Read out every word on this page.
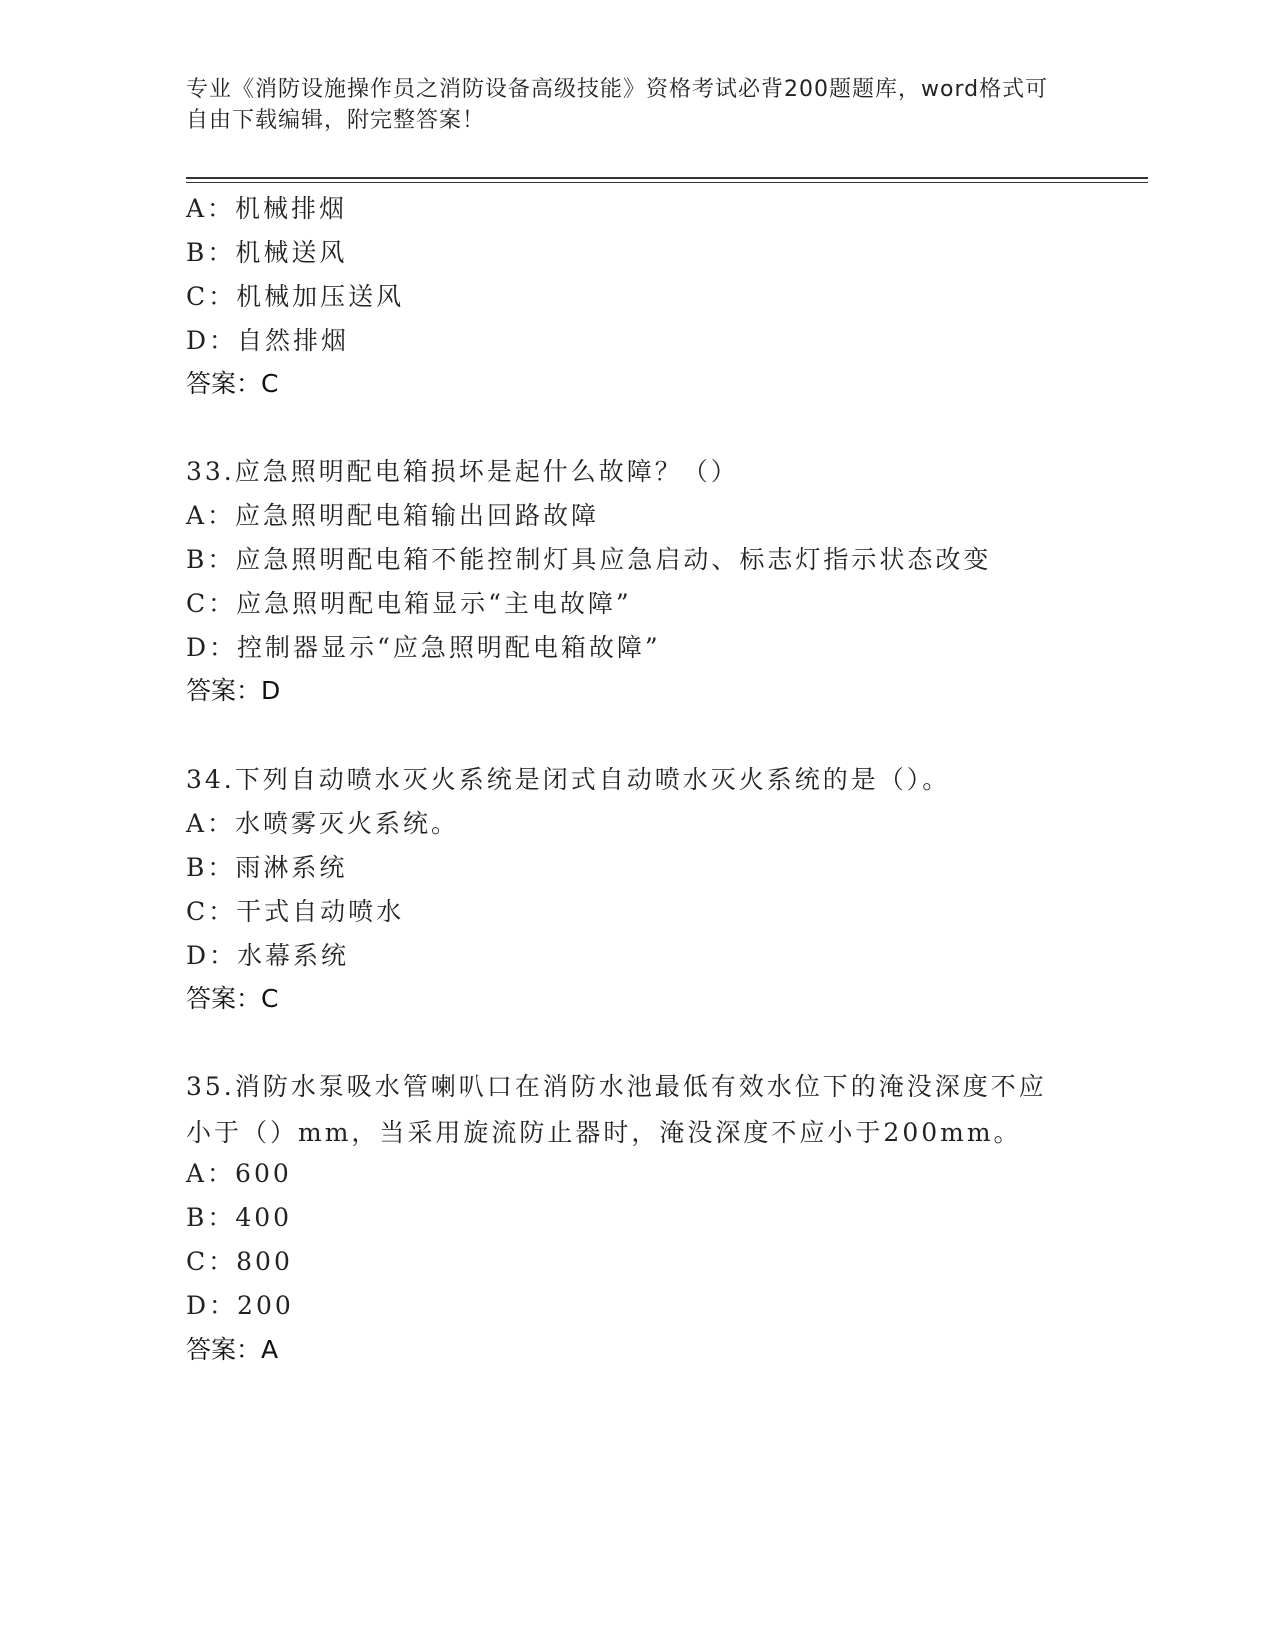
专业《消防设施操作员之消防设备高级技能》资格考试必背200题题库，word格式可自由下载编辑，附完整答案！
A：机械排烟
B：机械送风
C：机械加压送风
D：自然排烟
答案：C
33.应急照明配电箱损坏是起什么故障？（）
A：应急照明配电箱输出回路故障
B：应急照明配电箱不能控制灯具应急启动、标志灯指示状态改变
C：应急照明配电箱显示“主电故障”
D：控制器显示“应急照明配电箱故障”
答案：D
34.下列自动喷水灭火系统是闭式自动喷水灭火系统的是（）。
A：水喷雾灭火系统。
B：雨淋系统
C：干式自动喷水
D：水幕系统
答案：C
35.消防水泵吸水管喇叭口在消防水池最低有效水位下的淹没深度不应小于（）mm，当采用旋流防止器时，淹没深度不应小于200mm。
A：600
B：400
C：800
D：200
答案：A
